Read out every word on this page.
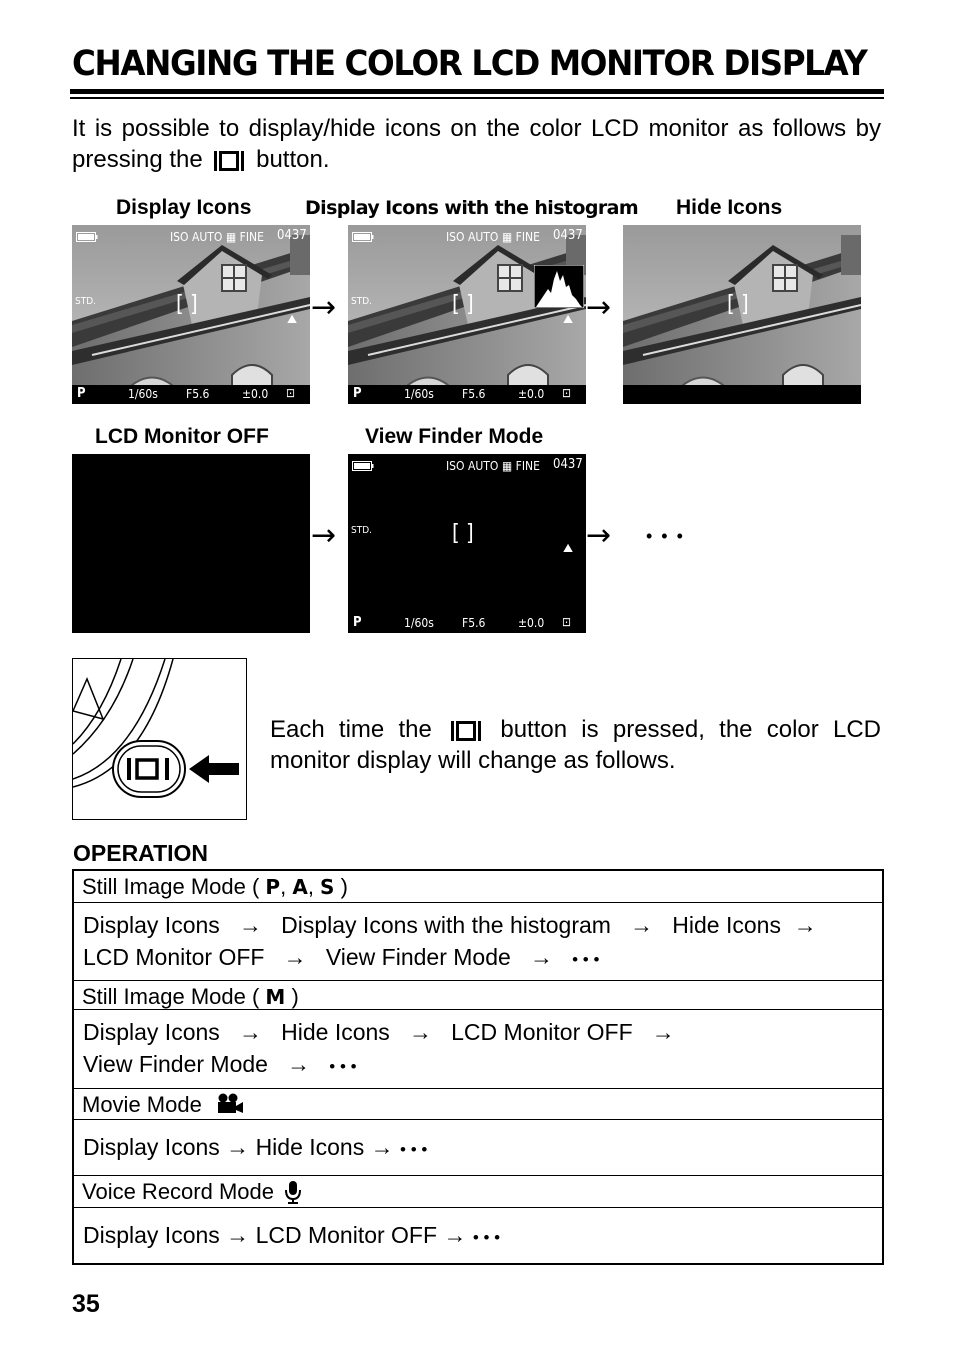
CHANGING THE COLOR LCD MONITOR DISPLAY
It is possible to display/hide icons on the color LCD monitor as follows by pressing the button.
Display Icons	Display Icons with the histogram Hide Icons
ISO AUTO ▦ FINE 0437
STD.	[ ]
⛰
P	1/60s F5.6	±0.0 ⊡
→
ISO AUTO ▦ FINE 0437
STD.	[ ]
⛰
P	1/60s F5.6	±0.0 ⊡
→	[ ]
LCD Monitor OFF	View Finder Mode
→
ISO AUTO ▦ FINE 0437
STD.	[ ]
⛰
P	1/60s F5.6	±0.0 ⊡
→ • • •
Each time the	button is pressed, the color LCD monitor display will change as follows.
OPERATION
Still Image Mode ( P, A, S )
Display Icons → Display Icons with the histogram → Hide Icons →
LCD Monitor OFF → View Finder Mode → • • •
Still Image Mode ( M )
Display Icons → Hide Icons → LCD Monitor OFF →
View Finder Mode → • • •
Movie Mode
Display Icons → Hide Icons → • • •
Voice Record Mode
Display Icons → LCD Monitor OFF → • • •
35
